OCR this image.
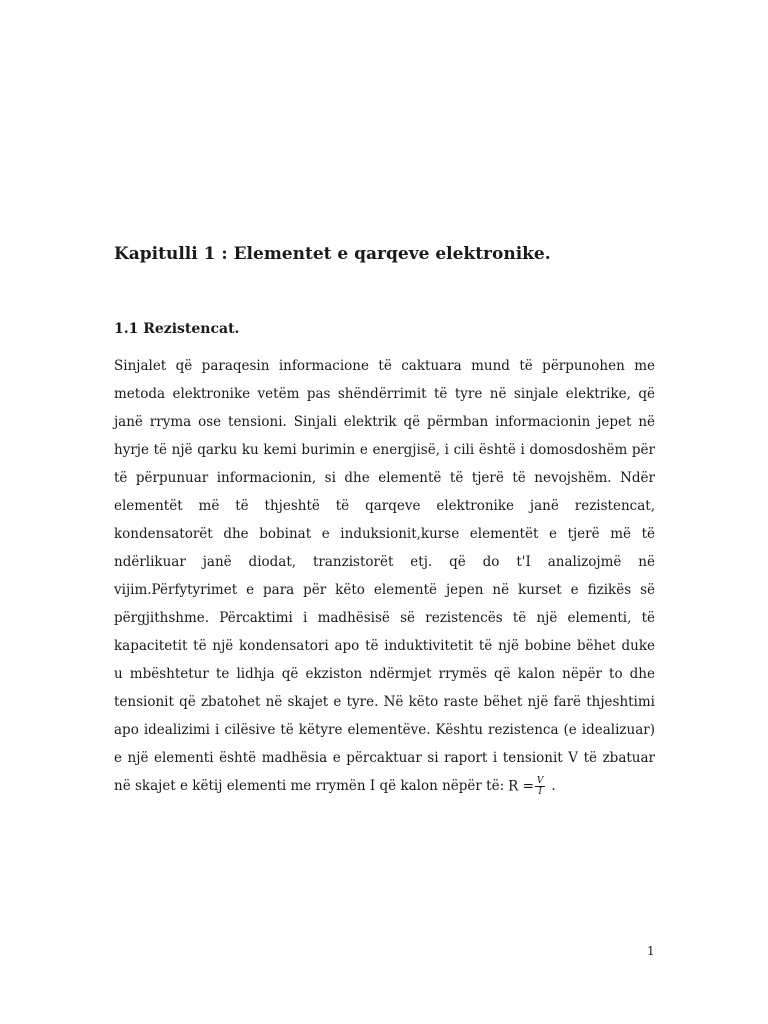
Kapitulli 1 : Elementet e qarqeve elektronike.
1.1 Rezistencat.
Sinjalet që paraqesin informacione të caktuara mund të përpunohen me
metoda elektronike vetëm pas shëndërrimit të tyre në sinjale elektrike, që
janë rryma ose tensioni. Sinjali elektrik që përmban informacionin jepet në
hyrje të një qarku ku kemi burimin e energjisë, i cili është i domosdoshëm për
të përpunuar informacionin, si dhe elementë të tjerë të nevojshëm. Ndër
elementët më të thjeshtë të qarqeve elektronike janë rezistencat,
kondensatorët dhe bobinat e induksionit,kurse elementët e tjerë më të
ndërlikuar janë diodat, tranzistorët etj. që do t'I analizojmë në
vijim.Përfytyrimet e para për këto elementë jepen në kurset e fizikës së
përgjithshme. Përcaktimi i madhësisë së rezistencës të një elementi, të
kapacitetit të një kondensatori apo të induktivitetit të një bobine bëhet duke
u mbështetur te lidhja që ekziston ndërmjet rrymës që kalon nëpër to dhe
tensionit që zbatohet në skajet e tyre. Në këto raste bëhet një farë thjeshtimi
apo idealizimi i cilësive të këtyre elementëve. Kështu rezistenca (e idealizuar)
e një elementi është madhësia e përcaktuar si raport i tensionit V të zbatuar
në skajet e këtij elementi me rrymën I që kalon nëpër të: $R = \frac{V}{I}$ .

1
